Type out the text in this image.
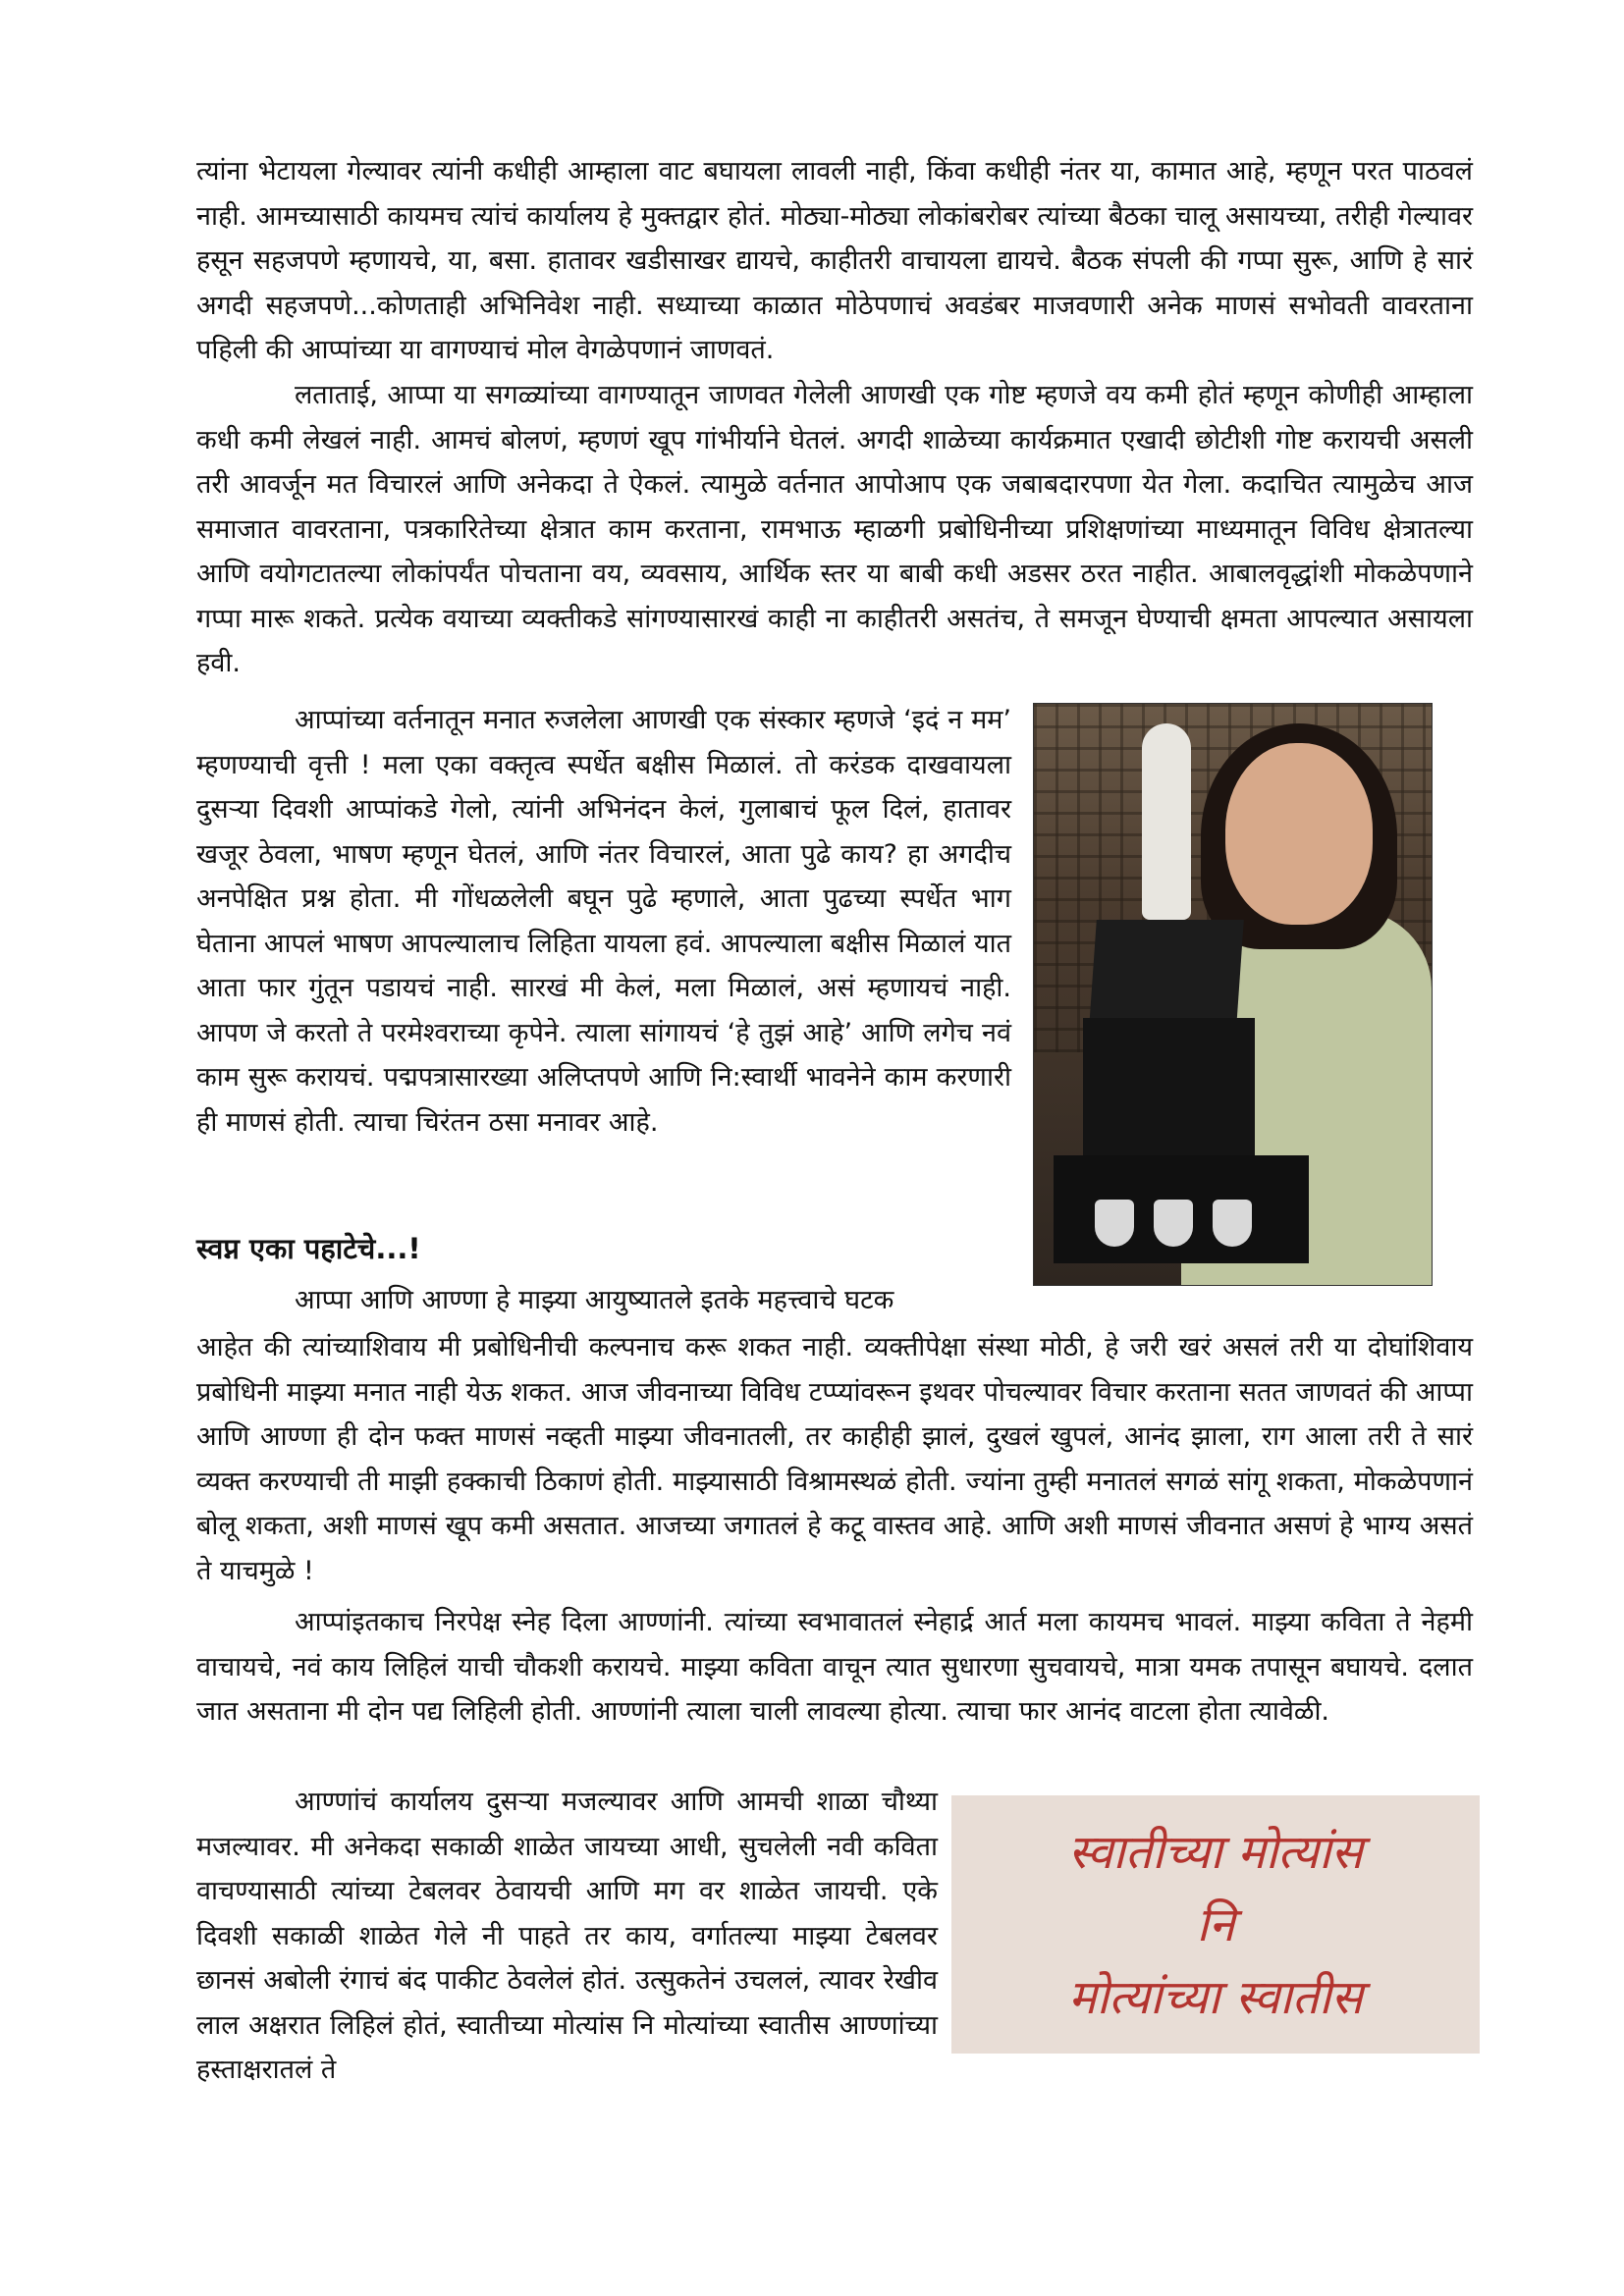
त्यांना भेटायला गेल्यावर त्यांनी कधीही आम्हाला वाट बघायला लावली नाही, किंवा कधीही नंतर या, कामात आहे, म्हणून परत पाठवलं नाही. आमच्यासाठी कायमच त्यांचं कार्यालय हे मुक्तद्वार होतं. मोठ्या-मोठ्या लोकांबरोबर त्यांच्या बैठका चालू असायच्या, तरीही गेल्यावर हसून सहजपणे म्हणायचे, या, बसा. हातावर खडीसाखर द्यायचे, काहीतरी वाचायला द्यायचे. बैठक संपली की गप्पा सुरू, आणि हे सारं अगदी सहजपणे...कोणताही अभिनिवेश नाही. सध्याच्या काळात मोठेपणाचं अवडंबर माजवणारी अनेक माणसं सभोवती वावरताना पहिली की आप्पांच्या या वागण्याचं मोल वेगळेपणानं जाणवतं.

लताताई, आप्पा या सगळ्यांच्या वागण्यातून जाणवत गेलेली आणखी एक गोष्ट म्हणजे वय कमी होतं म्हणून कोणीही आम्हाला कधी कमी लेखलं नाही. आमचं बोलणं, म्हणणं खूप गांभीर्याने घेतलं. अगदी शाळेच्या कार्यक्रमात एखादी छोटीशी गोष्ट करायची असली तरी आवर्जून मत विचारलं आणि अनेकदा ते ऐकलं. त्यामुळे वर्तनात आपोआप एक जबाबदारपणा येत गेला. कदाचित त्यामुळेच आज समाजात वावरताना, पत्रकारितेच्या क्षेत्रात काम करताना, रामभाऊ म्हाळगी प्रबोधिनीच्या प्रशिक्षणांच्या माध्यमातून विविध क्षेत्रातल्या आणि वयोगटातल्या लोकांपर्यंत पोचताना वय, व्यवसाय, आर्थिक स्तर या बाबी कधी अडसर ठरत नाहीत. आबालवृद्धांशी मोकळेपणाने गप्पा मारू शकते. प्रत्येक वयाच्या व्यक्तीकडे सांगण्यासारखं काही ना काहीतरी असतंच, ते समजून घेण्याची क्षमता आपल्यात असायला हवी.

आप्पांच्या वर्तनातून मनात रुजलेला आणखी एक संस्कार म्हणजे ‘इदं न मम’ म्हणण्याची वृत्ती ! मला एका वक्तृत्व स्पर्धेत बक्षीस मिळालं. तो करंडक दाखवायला दुसऱ्या दिवशी आप्पांकडे गेलो, त्यांनी अभिनंदन केलं, गुलाबाचं फूल दिलं, हातावर खजूर ठेवला, भाषण म्हणून घेतलं, आणि नंतर विचारलं, आता पुढे काय? हा अगदीच अनपेक्षित प्रश्न होता. मी गोंधळलेली बघून पुढे म्हणाले, आता पुढच्या स्पर्धेत भाग घेताना आपलं भाषण आपल्यालाच लिहिता यायला हवं. आपल्याला बक्षीस मिळालं यात आता फार गुंतून पडायचं नाही. सारखं मी केलं, मला मिळालं, असं म्हणायचं नाही. आपण जे करतो ते परमेश्वराच्या कृपेने. त्याला सांगायचं ‘हे तुझं आहे’ आणि लगेच नवं काम सुरू करायचं. पद्मपत्रासारख्या अलिप्तपणे आणि नि:स्वार्थी भावनेने काम करणारी ही माणसं होती. त्याचा चिरंतन ठसा मनावर आहे.

स्वप्न एका पहाटेचे...!

आप्पा आणि आण्णा हे माझ्या आयुष्यातले इतके महत्त्वाचे घटक

आहेत की त्यांच्याशिवाय मी प्रबोधिनीची कल्पनाच करू शकत नाही. व्यक्तीपेक्षा संस्था मोठी, हे जरी खरं असलं तरी या दोघांशिवाय प्रबोधिनी माझ्या मनात नाही येऊ शकत. आज जीवनाच्या विविध टप्प्यांवरून इथवर पोचल्यावर विचार करताना सतत जाणवतं की आप्पा आणि आण्णा ही दोन फक्त माणसं नव्हती माझ्या जीवनातली, तर काहीही झालं, दुखलं खुपलं, आनंद झाला, राग आला तरी ते सारं व्यक्त करण्याची ती माझी हक्काची ठिकाणं होती. माझ्यासाठी विश्रामस्थळं होती. ज्यांना तुम्ही मनातलं सगळं सांगू शकता, मोकळेपणानं बोलू शकता, अशी माणसं खूप कमी असतात. आजच्या जगातलं हे कटू वास्तव आहे. आणि अशी माणसं जीवनात असणं हे भाग्य असतं ते याचमुळे !

आप्पांइतकाच निरपेक्ष स्नेह दिला आण्णांनी. त्यांच्या स्वभावातलं स्नेहार्द्र आर्त मला कायमच भावलं. माझ्या कविता ते नेहमी वाचायचे, नवं काय लिहिलं याची चौकशी करायचे. माझ्या कविता वाचून त्यात सुधारणा सुचवायचे, मात्रा यमक तपासून बघायचे. दलात जात असताना मी दोन पद्य लिहिली होती. आण्णांनी त्याला चाली लावल्या होत्या. त्याचा फार आनंद वाटला होता त्यावेळी.

आण्णांचं कार्यालय दुसऱ्या मजल्यावर आणि आमची शाळा चौथ्या मजल्यावर. मी अनेकदा सकाळी शाळेत जायच्या आधी, सुचलेली नवी कविता वाचण्यासाठी त्यांच्या टेबलवर ठेवायची आणि मग वर शाळेत जायची. एके दिवशी सकाळी शाळेत गेले नी पाहते तर काय, वर्गातल्या माझ्या टेबलवर छानसं अबोली रंगाचं बंद पाकीट ठेवलेलं होतं. उत्सुकतेनं उचललं, त्यावर रेखीव लाल अक्षरात लिहिलं होतं, स्वातीच्या मोत्यांस नि मोत्यांच्या स्वातीस आण्णांच्या हस्ताक्षरातलं ते

स्वातीच्या मोत्यांस
नि
मोत्यांच्या स्वातीस
